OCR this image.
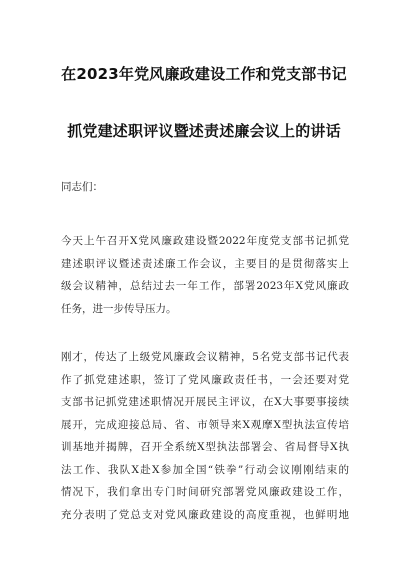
在2023年党风廉政建设工作和党支部书记
抓党建述职评议暨述责述廉会议上的讲话
同志们：
今天上午召开X党风廉政建设暨2022年度党支部书记抓党
建述职评议暨述责述廉工作会议，主要目的是贯彻落实上
级会议精神，总结过去一年工作，部署2023年X党风廉政
任务，进一步传导压力。
刚才，传达了上级党风廉政会议精神，5名党支部书记代表
作了抓党建述职，签订了党风廉政责任书，一会还要对党
支部书记抓党建述职情况开展民主评议，在X大事要事接续
展开，完成迎接总局、省、市领导来X观摩X型执法宣传培
训基地并揭牌，召开全系统X型执法部署会、省局督导X执
法工作、我队X赴X参加全国“铁拳”行动会议刚刚结束的
情况下，我们拿出专门时间研究部署党风廉政建设工作，
充分表明了党总支对党风廉政建设的高度重视，也鲜明地
